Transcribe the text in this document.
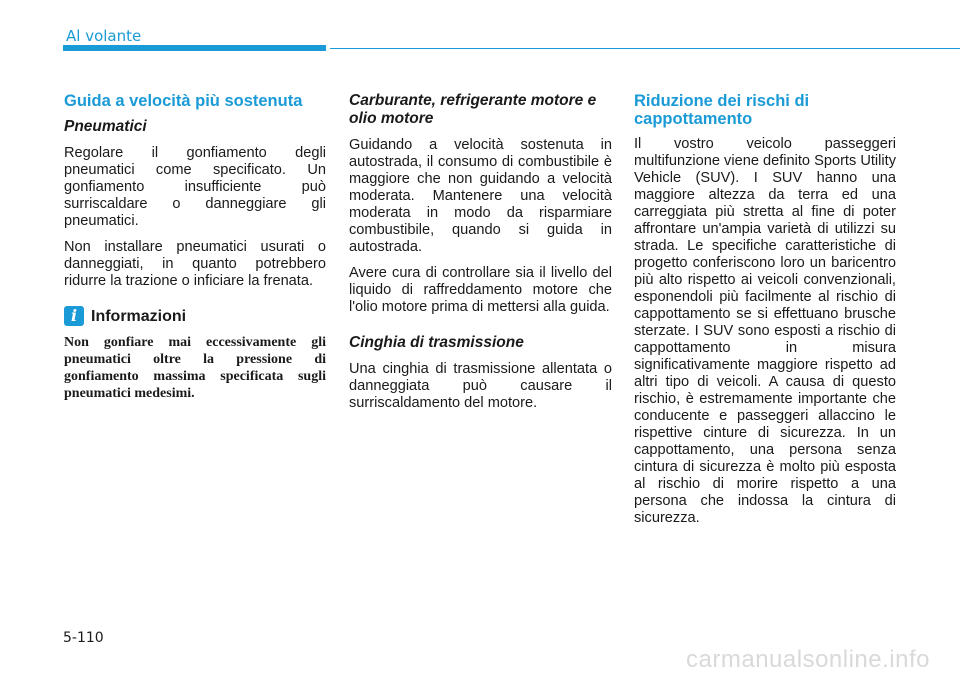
Al volante
Guida a velocità più sostenuta
Pneumatici

Regolare il gonfiamento degli pneumatici come specificato. Un gonfiamento insufficiente può surriscaldare o danneggiare gli pneumatici.

Non installare pneumatici usurati o danneggiati, in quanto potrebbero ridurre la trazione o inficiare la frenata.

i Informazioni

Non gonfiare mai eccessivamente gli pneumatici oltre la pressione di gonfiamento massima specificata sugli pneumatici medesimi.

Carburante, refrigerante motore e olio motore

Guidando a velocità sostenuta in autostrada, il consumo di combustibile è maggiore che non guidando a velocità moderata. Mantenere una velocità moderata in modo da risparmiare combustibile, quando si guida in autostrada.

Avere cura di controllare sia il livello del liquido di raffreddamento motore che l'olio motore prima di mettersi alla guida.

Cinghia di trasmissione

Una cinghia di trasmissione allentata o danneggiata può causare il surriscaldamento del motore.

Riduzione dei rischi di cappottamento

Il vostro veicolo passeggeri multifunzione viene definito Sports Utility Vehicle (SUV). I SUV hanno una maggiore altezza da terra ed una carreggiata più stretta al fine di poter affrontare un'ampia varietà di utilizzi su strada. Le specifiche caratteristiche di progetto conferiscono loro un baricentro più alto rispetto ai veicoli convenzionali, esponendoli più facilmente al rischio di cappottamento se si effettuano brusche sterzate. I SUV sono esposti a rischio di cappottamento in misura significativamente maggiore rispetto ad altri tipo di veicoli. A causa di questo rischio, è estremamente importante che conducente e passeggeri allaccino le rispettive cinture di sicurezza. In un cappottamento, una persona senza cintura di sicurezza è molto più esposta al rischio di morire rispetto a una persona che indossa la cintura di sicurezza.

5-110
carmanualsonline.info
